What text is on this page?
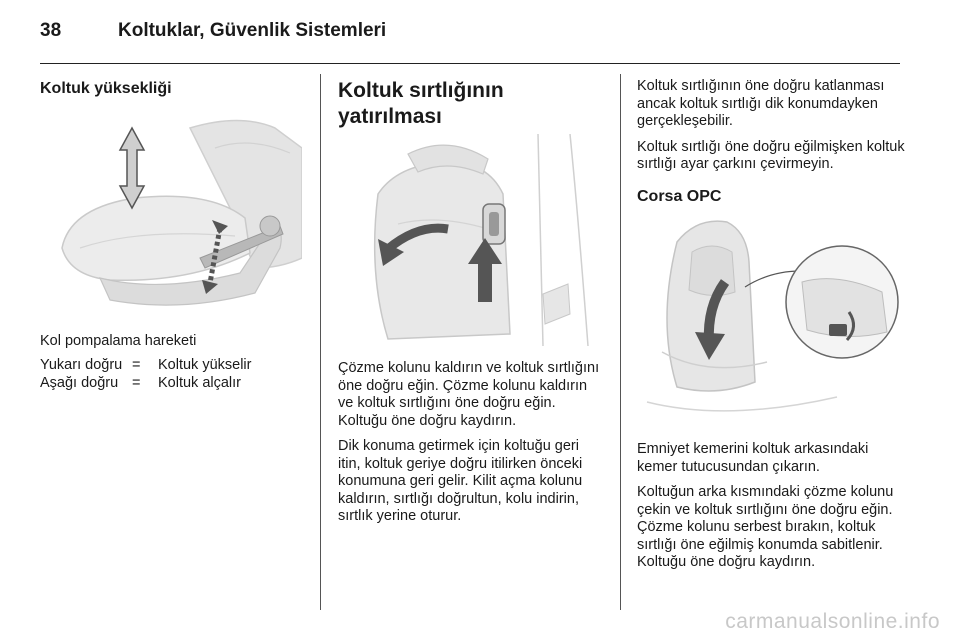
38	Koltuklar, Güvenlik Sistemleri
Koltuk yüksekliği
Kol pompalama hareketi
Yukarı doğru =	Koltuk yükselir
Aşağı doğru =	Koltuk alçalır
Koltuk sırtlığının yatırılması

Çözme kolunu kaldırın ve koltuk sırtlığını öne doğru eğin. Çözme kolunu kaldırın ve koltuk sırtlığını öne doğru eğin. Koltuğu öne doğru kaydırın.

Dik konuma getirmek için koltuğu geri itin, koltuk geriye doğru itilirken önceki konumuna geri gelir. Kilit açma kolunu kaldırın, sırtlığı doğrultun, kolu indirin, sırtlık yerine oturur.

Koltuk sırtlığının öne doğru katlanması ancak koltuk sırtlığı dik konumdayken gerçekleşebilir.

Koltuk sırtlığı öne doğru eğilmişken koltuk sırtlığı ayar çarkını çevirmeyin.

Corsa OPC

Emniyet kemerini koltuk arkasındaki kemer tutucusundan çıkarın.

Koltuğun arka kısmındaki çözme kolunu çekin ve koltuk sırtlığını öne doğru eğin. Çözme kolunu serbest bırakın, koltuk sırtlığı öne eğilmiş konumda sabitlenir. Koltuğu öne doğru kaydırın.

carmanualsonline.info
